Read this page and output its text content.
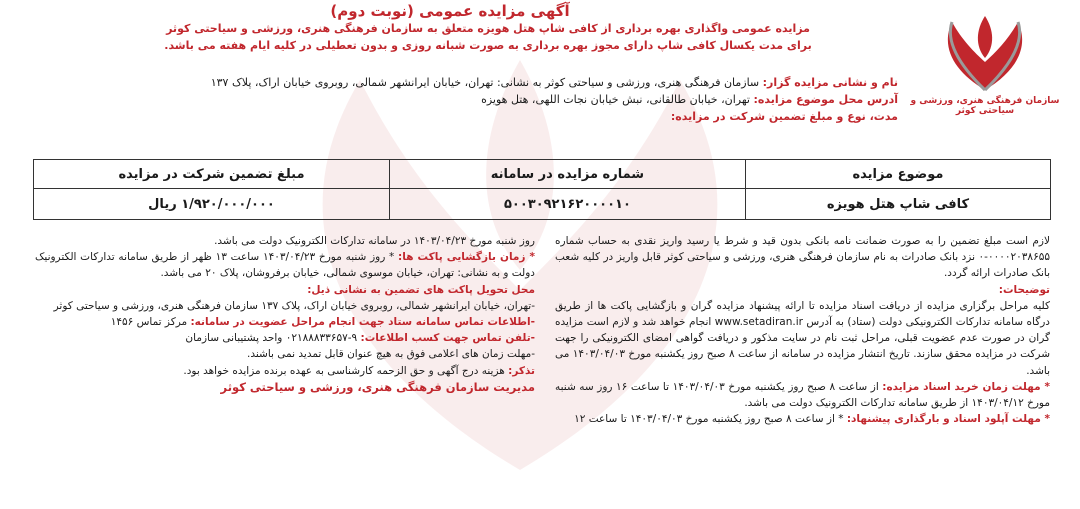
سازمان فرهنگی هنری، ورزشی و سیاحتی کوثر
آگهی مزایده عمومی (نوبت دوم)
مزایده عمومی واگذاری بهره برداری از کافی شاپ هتل هویزه متعلق به سازمان فرهنگی هنری، ورزشی و سیاحتی کوثر برای مدت یکسال کافی شاپ دارای مجوز بهره برداری به صورت شبانه روزی و بدون تعطیلی در کلیه ایام هفته می باشد.

نام و نشانی مزایده گزار: سازمان فرهنگی هنری، ورزشی و سیاحتی کوثر به نشانی: تهران، خیابان ایرانشهر شمالی، روبروی خیابان اراک، پلاک ۱۳۷

آدرس محل موضوع مزایده: تهران، خیابان طالقانی، نبش خیابان نجات اللهی، هتل هویزه

مدت، نوع و مبلغ تضمین شرکت در مزایده:

موضوع مزایده	شماره مزایده در سامانه	مبلغ تضمین شرکت در مزایده
کافی شاپ هتل هویزه	۵۰۰۳۰۹۲۱۶۲۰۰۰۰۱۰	۱/۹۲۰/۰۰۰/۰۰۰ ریال

لازم است مبلغ تضمین را به صورت ضمانت نامه بانکی بدون قید و شرط یا رسید واریز نقدی به حساب شماره ۰۰۰۰۲۰۳۸۶۵۵-۰ نزد بانک صادرات به نام سازمان فرهنگی هنری، ورزشی و سیاحتی کوثر قابل واریز در کلیه شعب بانک صادرات ارائه گردد.

توضیحات:

کلیه مراحل برگزاری مزایده از دریافت اسناد مزایده تا ارائه پیشنهاد مزایده گران و بازگشایی پاکت ها از طریق درگاه سامانه تدارکات الکترونیکی دولت (ستاد) به آدرس www.setadiran.ir انجام خواهد شد و لازم است مزایده گران در صورت عدم عضویت قبلی، مراحل ثبت نام در سایت مذکور و دریافت گواهی امضای الکترونیکی را جهت شرکت در مزایده محقق سازند. تاریخ انتشار مزایده در سامانه از ساعت ۸ صبح روز یکشنبه مورخ ۱۴۰۳/۰۴/۰۳ می باشد.

* مهلت زمان خرید اسناد مزایده: از ساعت ۸ صبح روز یکشنبه مورخ ۱۴۰۳/۰۴/۰۳ تا ساعت ۱۶ روز سه شنبه مورخ ۱۴۰۳/۰۴/۱۲ از طریق سامانه تدارکات الکترونیک دولت می باشد.

* مهلت آپلود اسناد و بارگذاری پیشنهاد: * از ساعت ۸ صبح روز یکشنبه مورخ ۱۴۰۳/۰۴/۰۳ تا ساعت ۱۲

روز شنبه مورخ ۱۴۰۳/۰۴/۲۳ در سامانه تدارکات الکترونیک دولت می باشد.

* زمان بازگشایی پاکت ها: * روز شنبه مورخ ۱۴۰۳/۰۴/۲۳ ساعت ۱۳ ظهر از طریق سامانه تدارکات الکترونیک دولت و به نشانی: تهران، خیابان موسوی شمالی، خیابان برفروشان، پلاک ۲۰ می باشد.

محل تحویل پاکت های تضمین به نشانی ذیل:

-تهران، خیابان ایرانشهر شمالی، روبروی خیابان اراک، پلاک ۱۳۷ سازمان فرهنگی هنری، ورزشی و سیاحتی کوثر

-اطلاعات تماس سامانه ستاد جهت انجام مراحل عضویت در سامانه: مرکز تماس ۱۴۵۶

-تلفن تماس جهت کسب اطلاعات: ۹-۰۲۱۸۸۸۳۳۶۵۷ واحد پشتیبانی سازمان

-مهلت زمان های اعلامی فوق به هیچ عنوان قابل تمدید نمی باشند.

تذکر: هزینه درج آگهی و حق الزحمه کارشناسی به عهده برنده مزایده خواهد بود.

مدیریت سازمان فرهنگی هنری، ورزشی و سیاحتی کوثر
